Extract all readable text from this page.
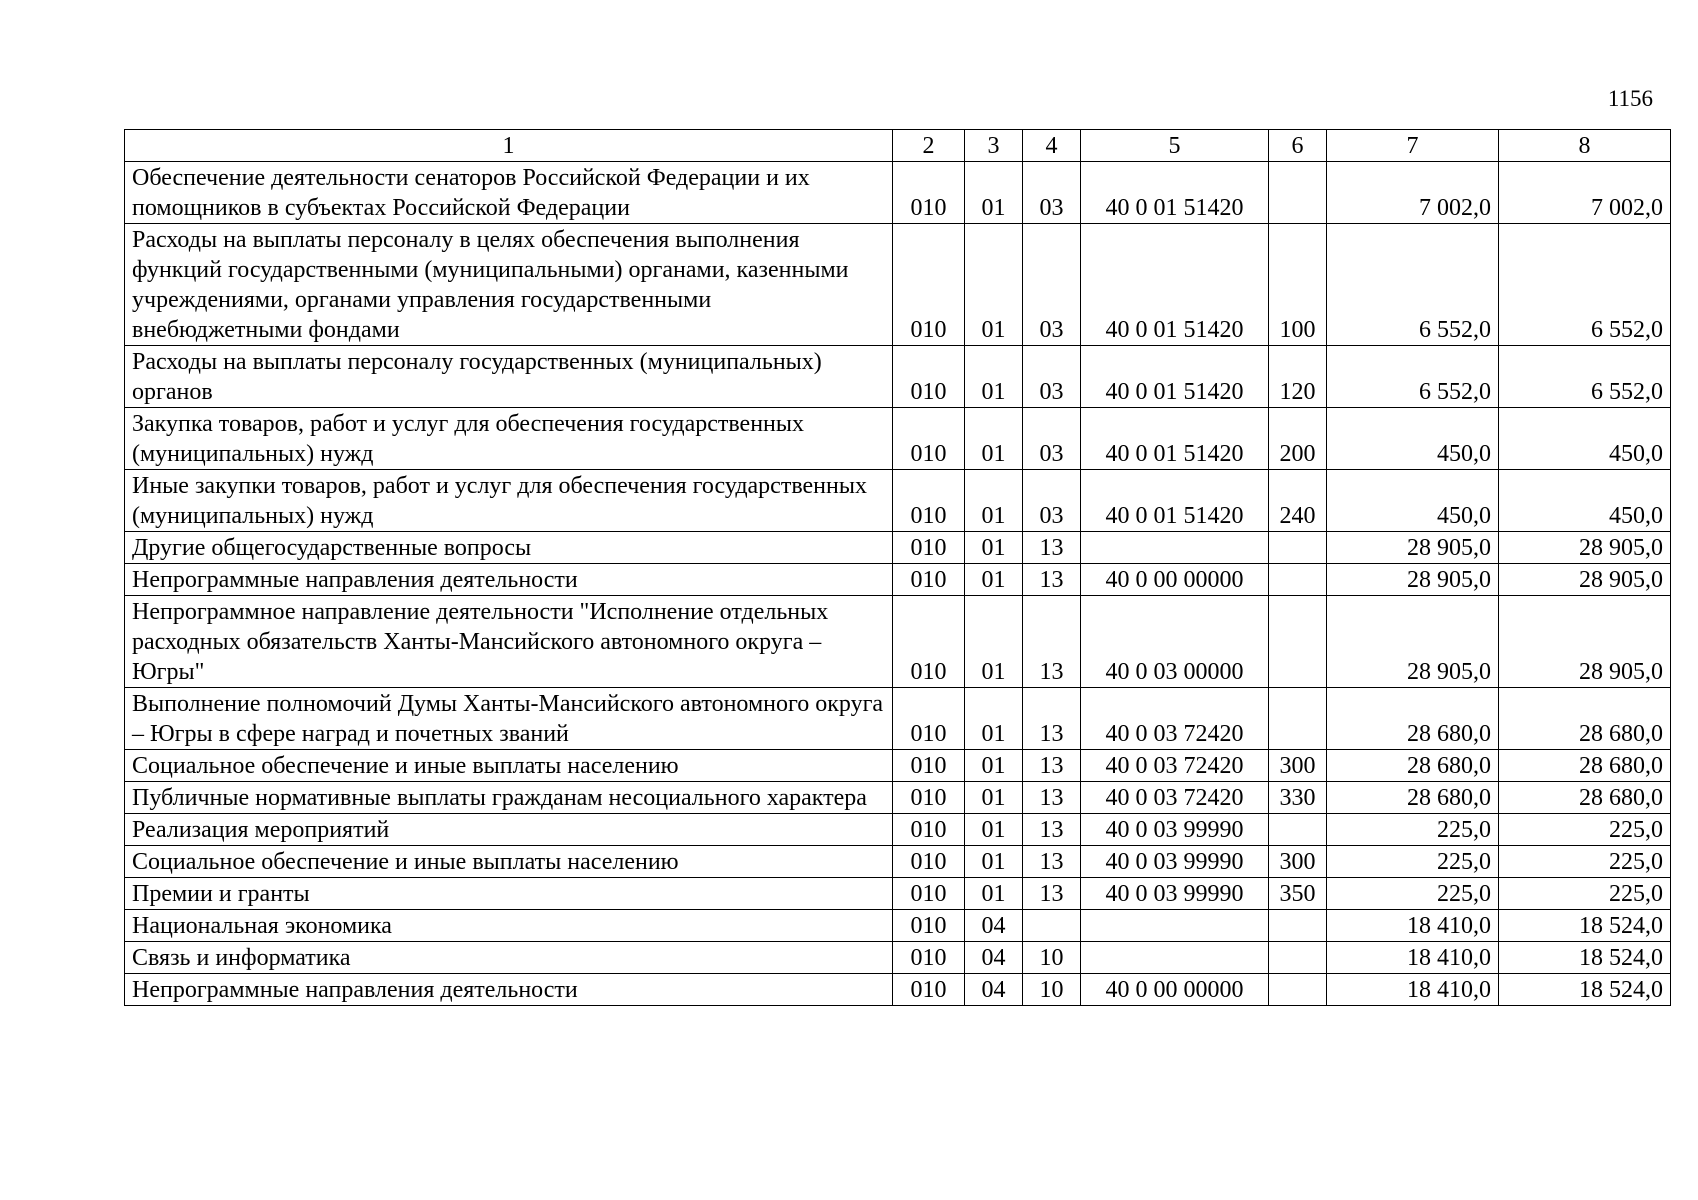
1156
1	2	3	4	5	6	7	8
Обеспечение деятельности сенаторов Российской Федерации и их помощников в субъектах Российской Федерации	010	01	03	40 0 01 51420		7 002,0	7 002,0
Расходы на выплаты персоналу в целях обеспечения выполнения функций государственными (муниципальными) органами, казенными учреждениями, органами управления государственными внебюджетными фондами	010	01	03	40 0 01 51420	100	6 552,0	6 552,0
Расходы на выплаты персоналу государственных (муниципальных) органов	010	01	03	40 0 01 51420	120	6 552,0	6 552,0
Закупка товаров, работ и услуг для обеспечения государственных (муниципальных) нужд	010	01	03	40 0 01 51420	200	450,0	450,0
Иные закупки товаров, работ и услуг для обеспечения государственных (муниципальных) нужд	010	01	03	40 0 01 51420	240	450,0	450,0
Другие общегосударственные вопросы	010	01	13			28 905,0	28 905,0
Непрограммные направления деятельности	010	01	13	40 0 00 00000		28 905,0	28 905,0
Непрограммное направление деятельности "Исполнение отдельных расходных обязательств Ханты-Мансийского автономного округа – Югры"	010	01	13	40 0 03 00000		28 905,0	28 905,0
Выполнение полномочий Думы Ханты-Мансийского автономного округа – Югры в сфере наград и почетных званий	010	01	13	40 0 03 72420		28 680,0	28 680,0
Социальное обеспечение и иные выплаты населению	010	01	13	40 0 03 72420	300	28 680,0	28 680,0
Публичные нормативные выплаты гражданам несоциального характера	010	01	13	40 0 03 72420	330	28 680,0	28 680,0
Реализация мероприятий	010	01	13	40 0 03 99990		225,0	225,0
Социальное обеспечение и иные выплаты населению	010	01	13	40 0 03 99990	300	225,0	225,0
Премии и гранты	010	01	13	40 0 03 99990	350	225,0	225,0
Национальная экономика	010	04				18 410,0	18 524,0
Связь и информатика	010	04	10			18 410,0	18 524,0
Непрограммные направления деятельности	010	04	10	40 0 00 00000		18 410,0	18 524,0
